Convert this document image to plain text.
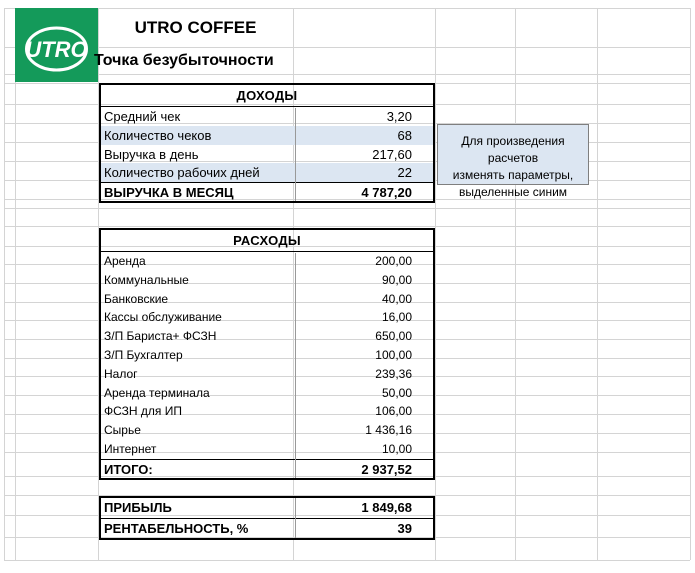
UTRO
UTRO COFFEE
Точка безубыточности
ДОХОДЫ
Средний чек	3,20
Количество чеков	68
Выручка в день	217,60
Количество рабочих дней	22
ВЫРУЧКА В МЕСЯЦ	4 787,20
Для произведения расчетов
изменять параметры,
выделенные синим
РАСХОДЫ
Аренда	200,00
Коммунальные	90,00
Банковские	40,00
Кассы обслуживание	16,00
З/П Бариста+ ФСЗН	650,00
З/П Бухгалтер	100,00
Налог	239,36
Аренда терминала	50,00
ФСЗН для ИП	106,00
Сырье	1 436,16
Интернет	10,00
ИТОГО:	2 937,52
ПРИБЫЛЬ	1 849,68
РЕНТАБЕЛЬНОСТЬ, %	39
